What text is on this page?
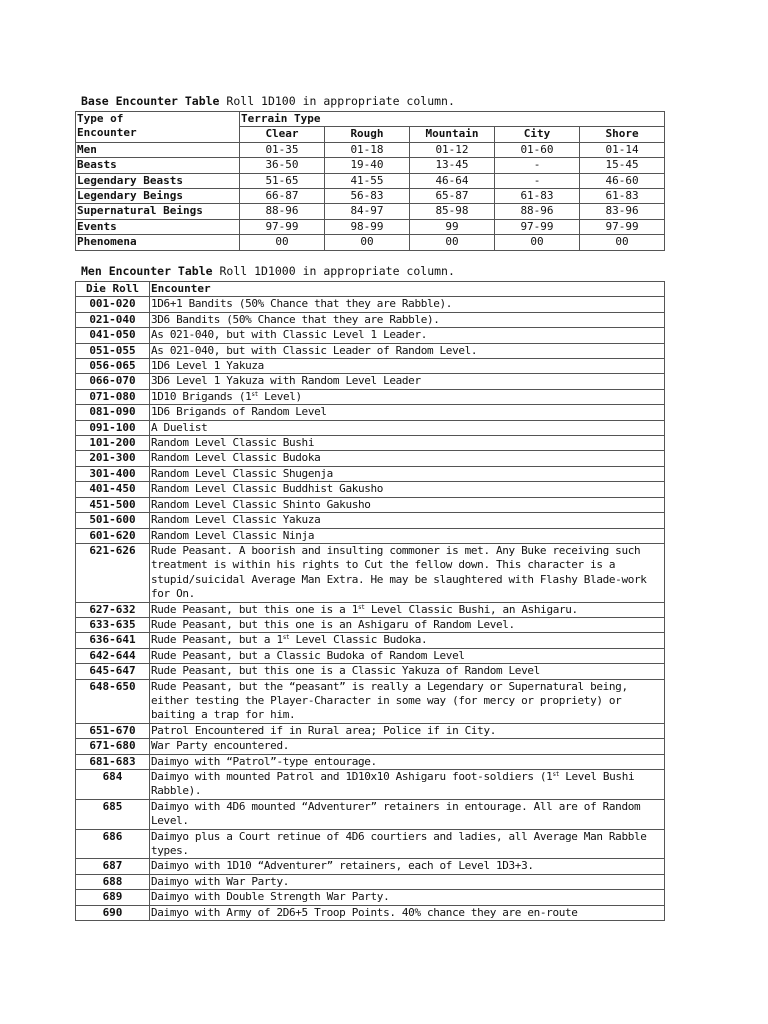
Base Encounter Table Roll 1D100 in appropriate column.
Type of
Encounter	Terrain Type				
	Clear	Rough	Mountain	City	Shore
Men	01-35	01-18	01-12	01-60	01-14
Beasts	36-50	19-40	13-45	-	15-45
Legendary Beasts	51-65	41-55	46-64	-	46-60
Legendary Beings	66-87	56-83	65-87	61-83	61-83
Supernatural Beings	88-96	84-97	85-98	88-96	83-96
Events	97-99	98-99	99	97-99	97-99
Phenomena	00	00	00	00	00
Men Encounter Table Roll 1D1000 in appropriate column.
Die Roll	Encounter
001-020	1D6+1 Bandits (50% Chance that they are Rabble).
021-040	3D6 Bandits (50% Chance that they are Rabble).
041-050	As 021-040, but with Classic Level 1 Leader.
051-055	As 021-040, but with Classic Leader of Random Level.
056-065	1D6 Level 1 Yakuza
066-070	3D6 Level 1 Yakuza with Random Level Leader
071-080	1D10 Brigands (1st Level)
081-090	1D6 Brigands of Random Level
091-100	A Duelist
101-200	Random Level Classic Bushi
201-300	Random Level Classic Budoka
301-400	Random Level Classic Shugenja
401-450	Random Level Classic Buddhist Gakusho
451-500	Random Level Classic Shinto Gakusho
501-600	Random Level Classic Yakuza
601-620	Random Level Classic Ninja
621-626	Rude Peasant. A boorish and insulting commoner is met. Any Buke receiving such treatment is within his rights to Cut the fellow down. This character is a stupid/suicidal Average Man Extra. He may be slaughtered with Flashy Blade-work for On.
627-632	Rude Peasant, but this one is a 1st Level Classic Bushi, an Ashigaru.
633-635	Rude Peasant, but this one is an Ashigaru of Random Level.
636-641	Rude Peasant, but a 1st Level Classic Budoka.
642-644	Rude Peasant, but a Classic Budoka of Random Level
645-647	Rude Peasant, but this one is a Classic Yakuza of Random Level
648-650	Rude Peasant, but the “peasant” is really a Legendary or Supernatural being, either testing the Player-Character in some way (for mercy or propriety) or baiting a trap for him.
651-670	Patrol Encountered if in Rural area; Police if in City.
671-680	War Party encountered.
681-683	Daimyo with “Patrol”-type entourage.
684	Daimyo with mounted Patrol and 1D10x10 Ashigaru foot-soldiers (1st Level Bushi Rabble).
685	Daimyo with 4D6 mounted “Adventurer” retainers in entourage. All are of Random Level.
686	Daimyo plus a Court retinue of 4D6 courtiers and ladies, all Average Man Rabble types.
687	Daimyo with 1D10 “Adventurer” retainers, each of Level 1D3+3.
688	Daimyo with War Party.
689	Daimyo with Double Strength War Party.
690	Daimyo with Army of 2D6+5 Troop Points. 40% chance they are en-route
